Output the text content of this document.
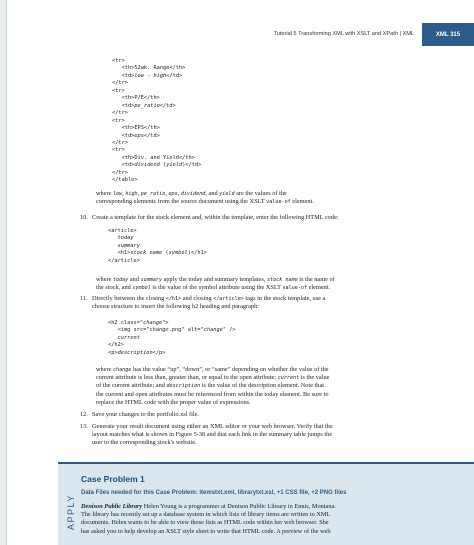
Tutorial 5 Transforming XML with XSLT and XPath | XML	XML 315
<tr>
<th>52wk. Range</th>
<td>low - high</td>
</tr>
<tr>
<th>P/E</th>
<td>pe_ratio</td>
</tr>
<tr>
<th>EPS</th>
<td>eps</td>
</tr>
<tr>
<th>Div. and Yield</th>
<td>dividend (yield)</td>
</tr>
</table>
where low, high, pe_ratio, eps, dividend, and yield are the values of the
corresponding elements from the source document using the XSLT value-of element.
10. Create a template for the stock element and, within the template, enter the following HTML code:
<article>
today
summary
<h1>stock name (symbol)</h1>
</article>
where today and summary apply the today and summary templates, stock name is the name of
the stock, and symbol is the value of the symbol attribute using the XSLT value-of element.
11. Directly between the closing </h1> and closing </article> tags in the stock template, use a
choose structure to insert the following h2 heading and paragraph:
<h2 class="change">
<img src="change.png" alt="change" />
current
</h2>
<p>description</p>
where change has the value “up”, “down”, or “same” depending on whether the value of the
current attribute is less than, greater than, or equal to the open attribute; current is the value
of the current attribute; and description is the value of the description element. Note that
the current and open attributes must be referenced from within the today element. Be sure to
replace the HTML code with the proper value of expressions.
12. Save your changes to the portfolio.xsl file.
13. Generate your result document using either an XML editor or your web browser. Verify that the
layout matches what is shown in Figure 5-38 and that each link in the summary table jumps the
user to the corresponding stock's website.
APPLY
Case Problem 1
Data Files needed for this Case Problem: itemstxt.xml, librarytxt.xsl, +1 CSS file, +2 PNG files
Denison Public Library Helen Young is a programmer at Denison Public Library in Ennis, Montana.
The library has recently set up a database system in which lists of library items are written to XML
documents. Helen wants to be able to view those lists as HTML code within her web browser. She
has asked you to help develop an XSLT style sheet to write that HTML code. A preview of the web
